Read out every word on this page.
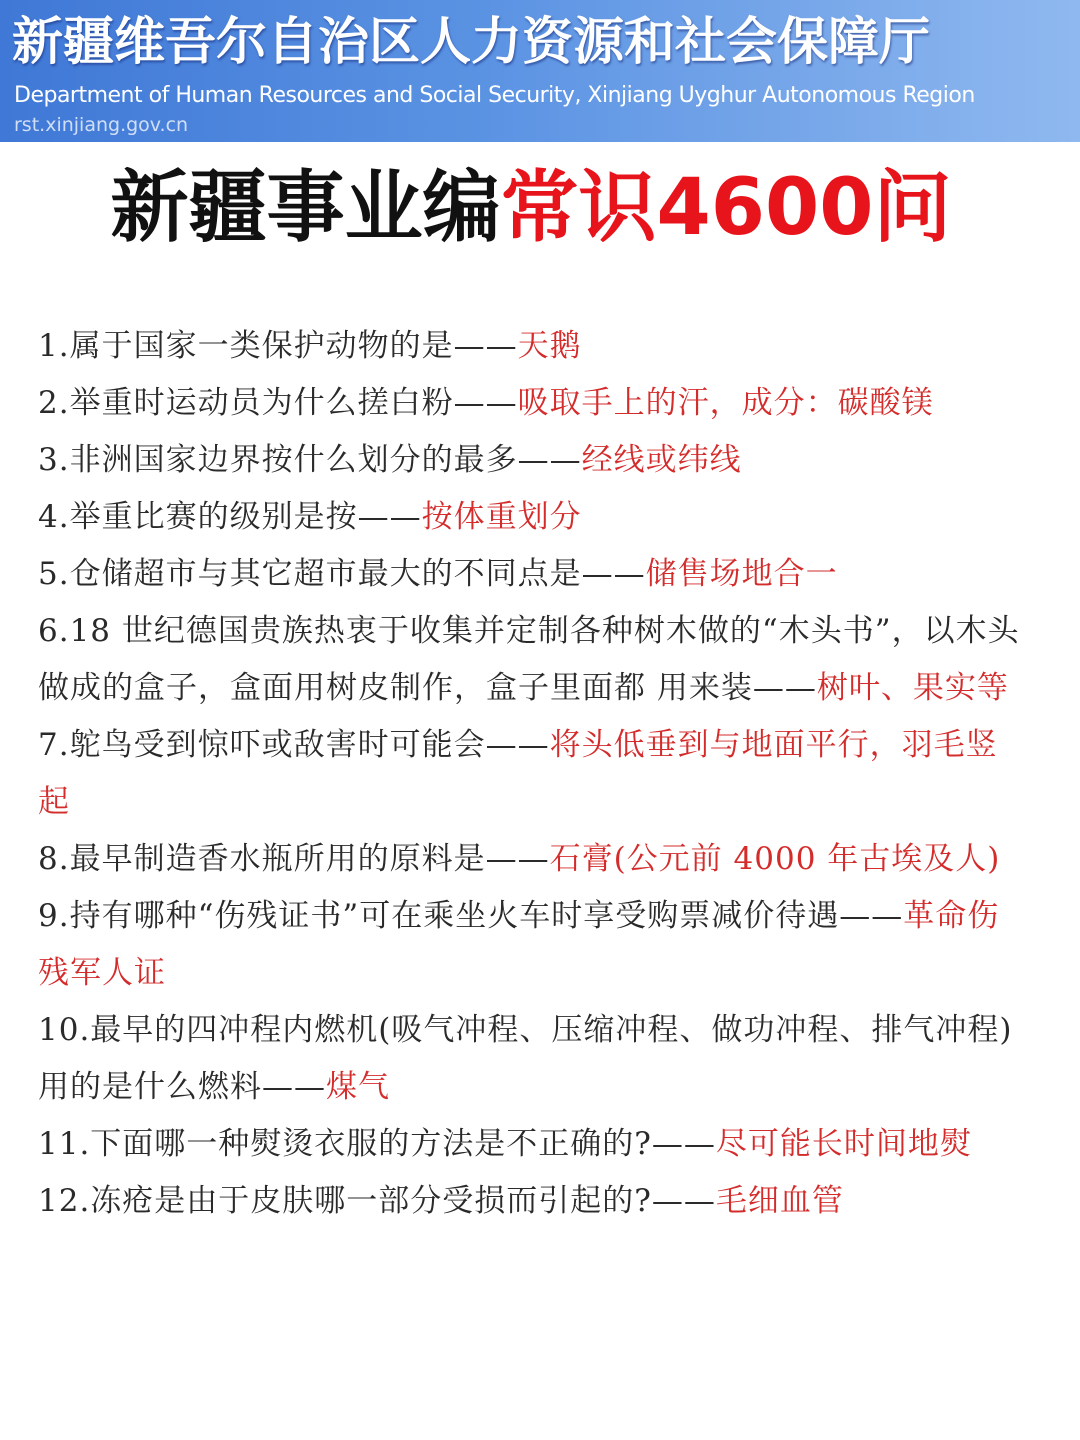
新疆维吾尔自治区人力资源和社会保障厅
Department of Human Resources and Social Security, Xinjiang Uyghur Autonomous Region
rst.xinjiang.gov.cn
新疆事业编常识4600问
1.属于国家一类保护动物的是——天鹅
2.举重时运动员为什么搓白粉——吸取手上的汗，成分：碳酸镁
3.非洲国家边界按什么划分的最多——经线或纬线
4.举重比赛的级别是按——按体重划分
5.仓储超市与其它超市最大的不同点是——储售场地合一
6.18 世纪德国贵族热衷于收集并定制各种树木做的“木头书”，以木头做成的盒子，盒面用树皮制作，盒子里面都 用来装——树叶、果实等
7.鸵鸟受到惊吓或敌害时可能会——将头低垂到与地面平行，羽毛竖起
8.最早制造香水瓶所用的原料是——石膏(公元前 4000 年古埃及人)
9.持有哪种“伤残证书”可在乘坐火车时享受购票减价待遇——革命伤残军人证
10.最早的四冲程内燃机(吸气冲程、压缩冲程、做功冲程、排气冲程)用的是什么燃料——煤气
11.下面哪一种熨烫衣服的方法是不正确的?——尽可能长时间地熨
12.冻疮是由于皮肤哪一部分受损而引起的?——毛细血管
